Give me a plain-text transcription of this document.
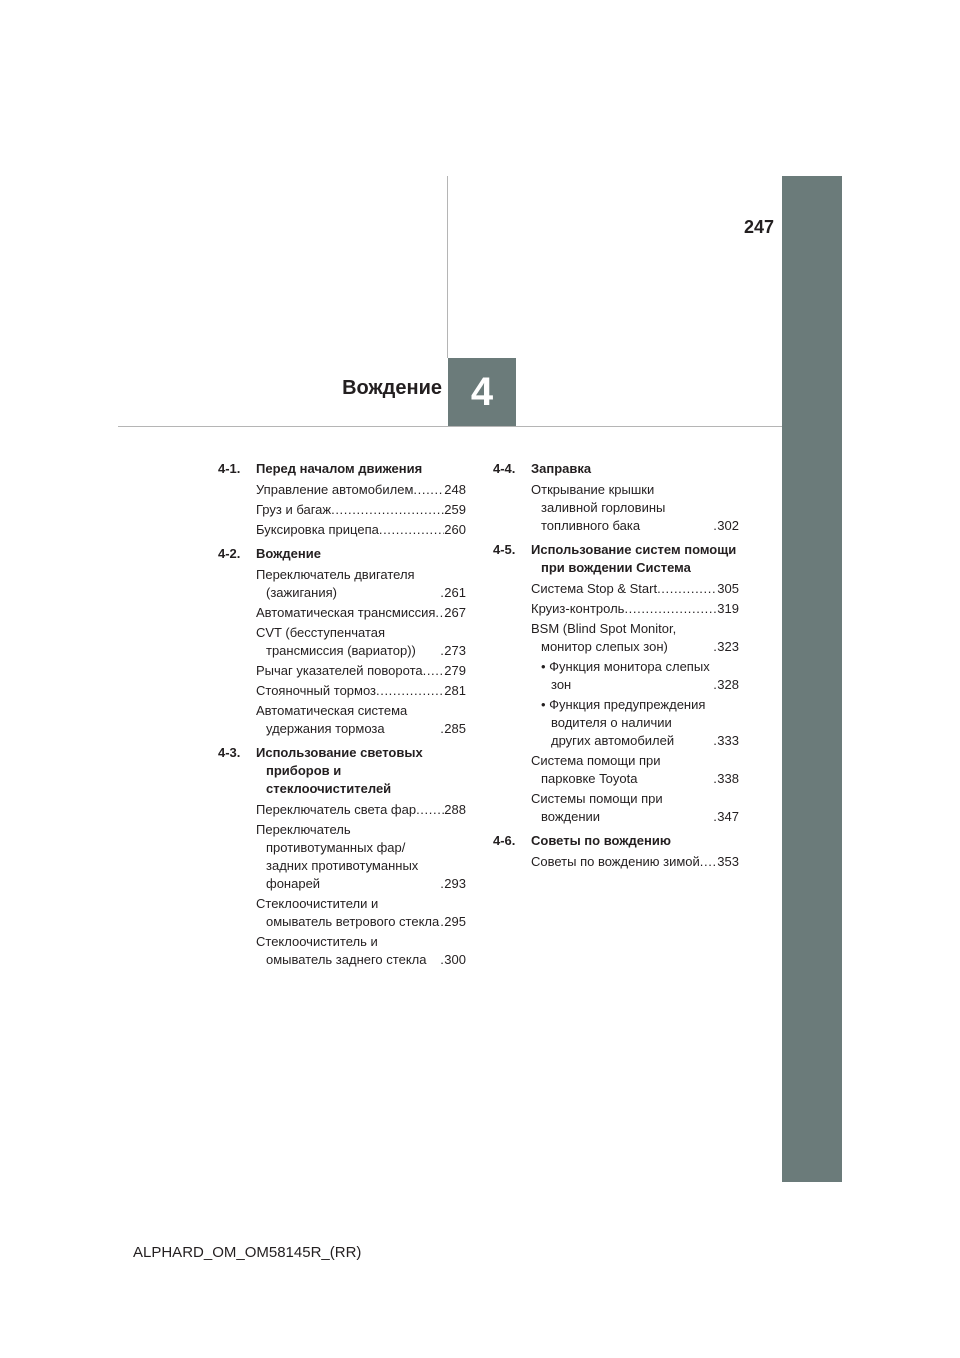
4
Вождение
247
4-1.	Перед началом движения
Управление автомобилем . . . 248
Груз и багаж . . .	259
Буксировка прицепа . . .	260
4-2.	Вождение
Переключатель двигателя (зажигания) . . .	261
Автоматическая трансмиссия . . . 267
CVT (бесступенчатая трансмиссия (вариатор)) . . .	273
Рычаг указателей поворота . . . 279
Стояночный тормоз . . .	281
Автоматическая система удержания тормоза . . .	285
4-3.	Использование световых приборов и стеклоочистителей
Переключатель света фар . . . 288
Переключатель противотуманных фар/ задних противотуманных фонарей . . .	293
Стеклоочистители и омыватель ветрового стекла . . . 295
Стеклоочиститель и омыватель заднего стекла . . .	300
4-4.	Заправка
Открывание крышки заливной горловины топливного бака . . .	302
4-5.	Использование систем помощи при вождении Система
Система Stop & Start . . .	305
Круиз-контроль . . .	319
BSM (Blind Spot Monitor, монитор слепых зон) . . .	323
• Функция монитора слепых зон . . .	328
• Функция предупреждения водителя о наличии других автомобилей . . .	333
Система помощи при парковке Toyota . . .	338
Системы помощи при вождении . . .	347
4-6.	Советы по вождению
Советы по вождению зимой . . . 353
ALPHARD_OM_OM58145R_(RR)
